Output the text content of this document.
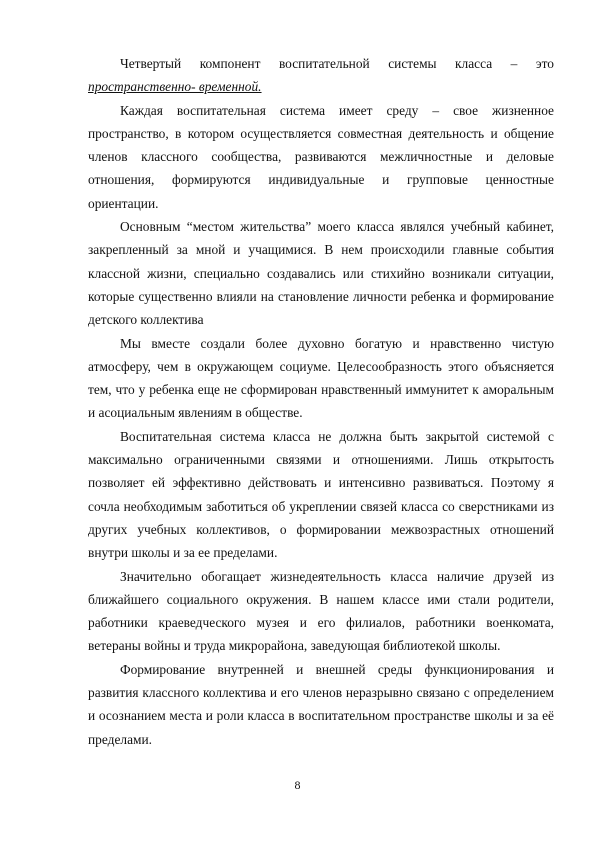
Четвертый компонент воспитательной системы класса – это пространственно- временной.

Каждая воспитательная система имеет среду – свое жизненное пространство, в котором осуществляется совместная деятельность и общение членов классного сообщества, развиваются межличностные и деловые отношения, формируются индивидуальные и групповые ценностные ориентации.

Основным “местом жительства” моего класса являлся учебный кабинет, закрепленный за мной и учащимися. В нем происходили главные события классной жизни, специально создавались или стихийно возникали ситуации, которые существенно влияли на становление личности ребенка и формирование детского коллектива

Мы вместе создали более духовно богатую и нравственно чистую атмосферу, чем в окружающем социуме. Целесообразность этого объясняется тем, что у ребенка еще не сформирован нравственный иммунитет к аморальным и асоциальным явлениям в обществе.

Воспитательная система класса не должна быть закрытой системой с максимально ограниченными связями и отношениями. Лишь открытость позволяет ей эффективно действовать и интенсивно развиваться. Поэтому я сочла необходимым заботиться об укреплении связей класса со сверстниками из других учебных коллективов, о формировании межвозрастных отношений внутри школы и за ее пределами.

Значительно обогащает жизнедеятельность класса наличие друзей из ближайшего социального окружения. В нашем классе ими стали родители, работники краеведческого музея и его филиалов, работники военкомата, ветераны войны и труда микрорайона, заведующая библиотекой школы.

Формирование внутренней и внешней среды функционирования и развития классного коллектива и его членов неразрывно связано с определением и осознанием места и роли класса в воспитательном пространстве школы и за её пределами.

8
